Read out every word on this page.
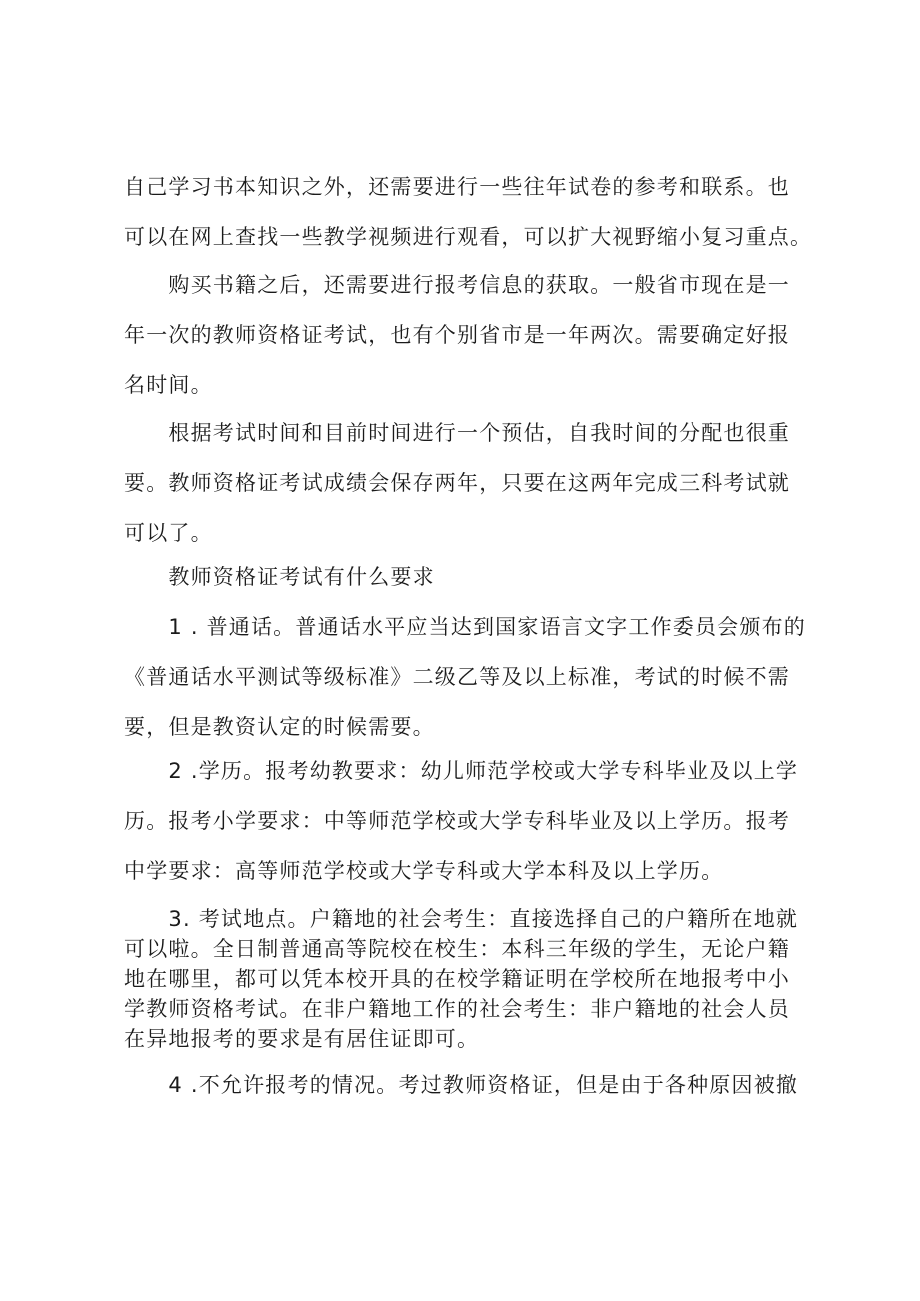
自己学习书本知识之外，还需要进行一些往年试卷的参考和联系。也
可以在网上查找一些教学视频进行观看，可以扩大视野缩小复习重点。
　　购买书籍之后，还需要进行报考信息的获取。一般省市现在是一
年一次的教师资格证考试，也有个别省市是一年两次。需要确定好报
名时间。
　　根据考试时间和目前时间进行一个预估，自我时间的分配也很重
要。教师资格证考试成绩会保存两年，只要在这两年完成三科考试就
可以了。
　　教师资格证考试有什么要求
　　1 . 普通话。普通话水平应当达到国家语言文字工作委员会颁布的
《普通话水平测试等级标准》二级乙等及以上标准，考试的时候不需
要，但是教资认定的时候需要。
　　2 .学历。报考幼教要求：幼儿师范学校或大学专科毕业及以上学
历。报考小学要求：中等师范学校或大学专科毕业及以上学历。报考
中学要求：高等师范学校或大学专科或大学本科及以上学历。
　　3. 考试地点。户籍地的社会考生：直接选择自己的户籍所在地就
可以啦。全日制普通高等院校在校生：本科三年级的学生，无论户籍
地在哪里，都可以凭本校开具的在校学籍证明在学校所在地报考中小
学教师资格考试。在非户籍地工作的社会考生：非户籍地的社会人员
在异地报考的要求是有居住证即可。
　　4 .不允许报考的情况。考过教师资格证，但是由于各种原因被撤
